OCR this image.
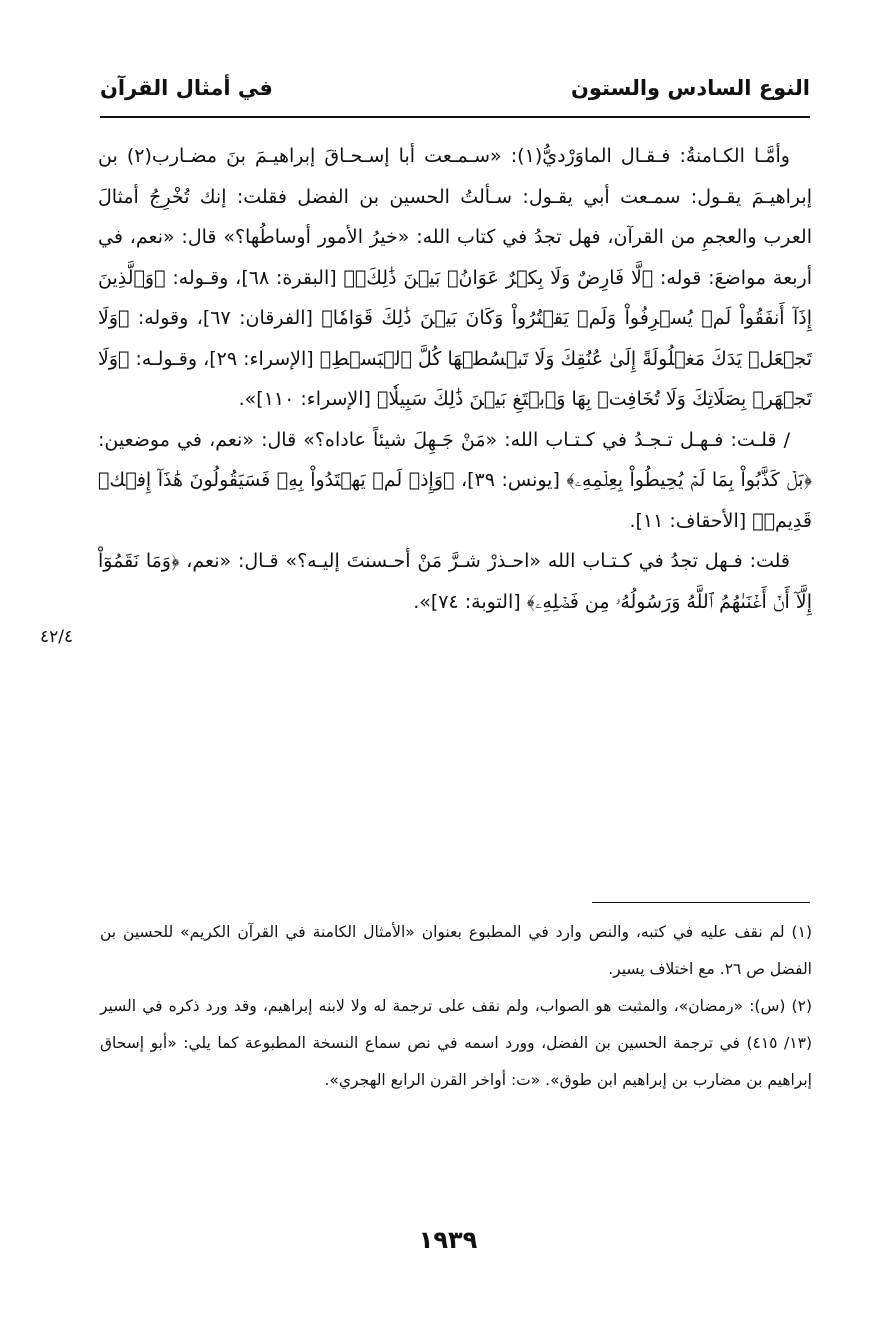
النوع السادس والستون
في أمثال القرآن

وأمَّـا الكـامنةُ: فـقـال الماوَرْديُّ(١): «سـمـعت أبا إسـحـاقَ إبراهيـمَ بنَ مضـارب(٢) بن إبراهيـمَ يقـول: سمـعت أبي يقـول: سـألتُ الحسين بن الفضل فقلت: إنك تُخْرِجُ أمثالَ العرب والعجمِ من القرآن، فهل تجدُ في كتاب الله: «خيرُ الأمور أوساطُها؟» قال: «نعم، في أربعة مواضعَ: قوله: ﴿لَّا فَارِضٌ وَلَا بِكۡرٌ عَوَانُۢ بَيۡنَ ذَٰلِكَۖ﴾ [البقرة: ٦٨]، وقـوله: ﴿وَٱلَّذِينَ إِذَآ أَنفَقُواْ لَمۡ يُسۡرِفُواْ وَلَمۡ يَقۡتُرُواْ وَكَانَ بَيۡنَ ذَٰلِكَ قَوَامٗا﴾ [الفرقان: ٦٧]، وقوله: ﴿وَلَا تَجۡعَلۡ يَدَكَ مَغۡلُولَةً إِلَىٰ عُنُقِكَ وَلَا تَبۡسُطۡهَا كُلَّ ٱلۡبَسۡطِ﴾ [الإسراء: ٢٩]، وقـولـه: ﴿وَلَا تَجۡهَرۡ بِصَلَاتِكَ وَلَا تُخَافِتۡ بِهَا وَٱبۡتَغِ بَيۡنَ ذَٰلِكَ سَبِيلٗا﴾ [الإسراء: ١١٠]».

/ قلـت: فـهـل تـجـدُ في كـتـاب الله: «مَنْ جَـهِلَ شيئاً عاداه؟» قال: «نعم، في موضعين: ﴿بَلۡ كَذَّبُواْ بِمَا لَمۡ يُحِيطُواْ بِعِلۡمِهِۦ﴾ [يونس: ٣٩]، ﴿وَإِذۡ لَمۡ يَهۡتَدُواْ بِهِۦ فَسَيَقُولُونَ هَٰذَآ إِفۡكٞ قَدِيمٞ﴾ [الأحقاف: ١١].

قلت: فـهل تجدُ في كـتـاب الله «احـذرْ شـرَّ مَنْ أحـسنتَ إليـه؟» قـال: «نعم، ﴿وَمَا نَقَمُوٓاْ إِلَّآ أَنۡ أَغۡنَىٰهُمُ ٱللَّهُ وَرَسُولُهُۥ مِن فَضۡلِهِۦ﴾ [التوبة: ٧٤]».

٤٢/٤

(١) لم نقف عليه في كتبه، والنص وارد في المطبوع بعنوان «الأمثال الكامنة في القرآن الكريم» للحسين بن الفضل ص ٢٦. مع اختلاف يسير.

(٢) (س): «رمضان»، والمثبت هو الصواب، ولم نقف على ترجمة له ولا لابنه إبراهيم، وقد ورد ذكره في السير (١٣/ ٤١٥) في ترجمة الحسين بن الفضل، وورد اسمه في نص سماع النسخة المطبوعة كما يلي: «أبو إسحاق إبراهيم بن مضارب بن إبراهيم ابن طوق». «ت: أواخر القرن الرابع الهجري».

١٩٣٩
